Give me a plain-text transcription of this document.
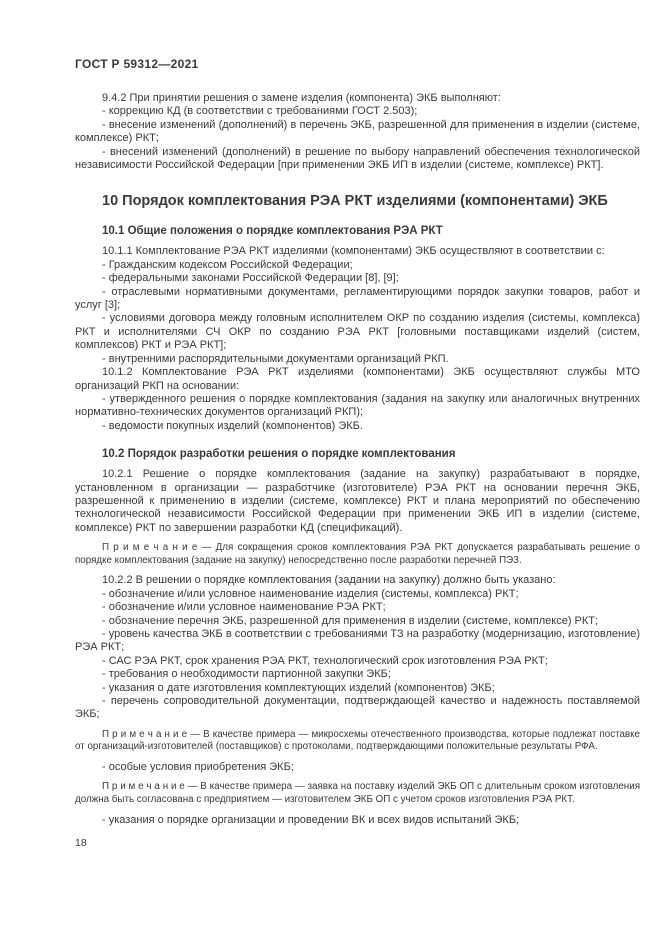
ГОСТ Р 59312—2021

9.4.2 При принятии решения о замене изделия (компонента) ЭКБ выполняют:

- коррекцию КД (в соответствии с требованиями ГОСТ 2.503);

- внесение изменений (дополнений) в перечень ЭКБ, разрешенной для применения в изделии (системе, комплексе) РКТ;

- внесений изменений (дополнений) в решение по выбору направлений обеспечения технологической независимости Российской Федерации [при применении ЭКБ ИП в изделии (системе, комплексе) РКТ].

10 Порядок комплектования РЭА РКТ изделиями (компонентами) ЭКБ

10.1 Общие положения о порядке комплектования РЭА РКТ

10.1.1 Комплектование РЭА РКТ изделиями (компонентами) ЭКБ осуществляют в соответствии с:

- Гражданским кодексом Российской Федерации;

- федеральными законами Российской Федерации [8], [9];

- отраслевыми нормативными документами, регламентирующими порядок закупки товаров, работ и услуг [3];

- условиями договора между головным исполнителем ОКР по созданию изделия (системы, комплекса) РКТ и исполнителями СЧ ОКР по созданию РЭА РКТ [головными поставщиками изделий (систем, комплексов) РКТ и РЭА РКТ];

- внутренними распорядительными документами организаций РКП.

10.1.2 Комплектование РЭА РКТ изделиями (компонентами) ЭКБ осуществляют службы МТО организаций РКП на основании:

- утвержденного решения о порядке комплектования (задания на закупку или аналогичных внутренних нормативно-технических документов организаций РКП);

- ведомости покупных изделий (компонентов) ЭКБ.

10.2 Порядок разработки решения о порядке комплектования

10.2.1 Решение о порядке комплектования (задание на закупку) разрабатывают в порядке, установленном в организации — разработчике (изготовителе) РЭА РКТ на основании перечня ЭКБ, разрешенной к применению в изделии (системе, комплексе) РКТ и плана мероприятий по обеспечению технологической независимости Российской Федерации при применении ЭКБ ИП в изделии (системе, комплексе) РКТ по завершении разработки КД (спецификаций).

П р и м е ч а н и е — Для сокращения сроков комплектования РЭА РКТ допускается разрабатывать решение о порядке комплектования (задание на закупку) непосредственно после разработки перечней ПЭЗ.

10.2.2 В решении о порядке комплектования (задании на закупку) должно быть указано:

- обозначение и/или условное наименование изделия (системы, комплекса) РКТ;

- обозначение и/или условное наименование РЭА РКТ;

- обозначение перечня ЭКБ, разрешенной для применения в изделии (системе, комплексе) РКТ;

- уровень качества ЭКБ в соответствии с требованиями ТЗ на разработку (модернизацию, изготовление) РЭА РКТ;

- САС РЭА РКТ, срок хранения РЭА РКТ, технологический срок изготовления РЭА РКТ;

- требования о необходимости партионной закупки ЭКБ;

- указания о дате изготовления комплектующих изделий (компонентов) ЭКБ;

- перечень сопроводительной документации, подтверждающей качество и надежность поставляемой ЭКБ;

П р и м е ч а н и е — В качестве примера — микросхемы отечественного производства, которые подлежат поставке от организаций-изготовителей (поставщиков) с протоколами, подтверждающими положительные результаты РФА.

- особые условия приобретения ЭКБ;

П р и м е ч а н и е — В качестве примера — заявка на поставку изделий ЭКБ ОП с длительным сроком изготовления должна быть согласована с предприятием — изготовителем ЭКБ ОП с учетом сроков изготовления РЭА РКТ.

- указания о порядке организации и проведении ВК и всех видов испытаний ЭКБ;

18
